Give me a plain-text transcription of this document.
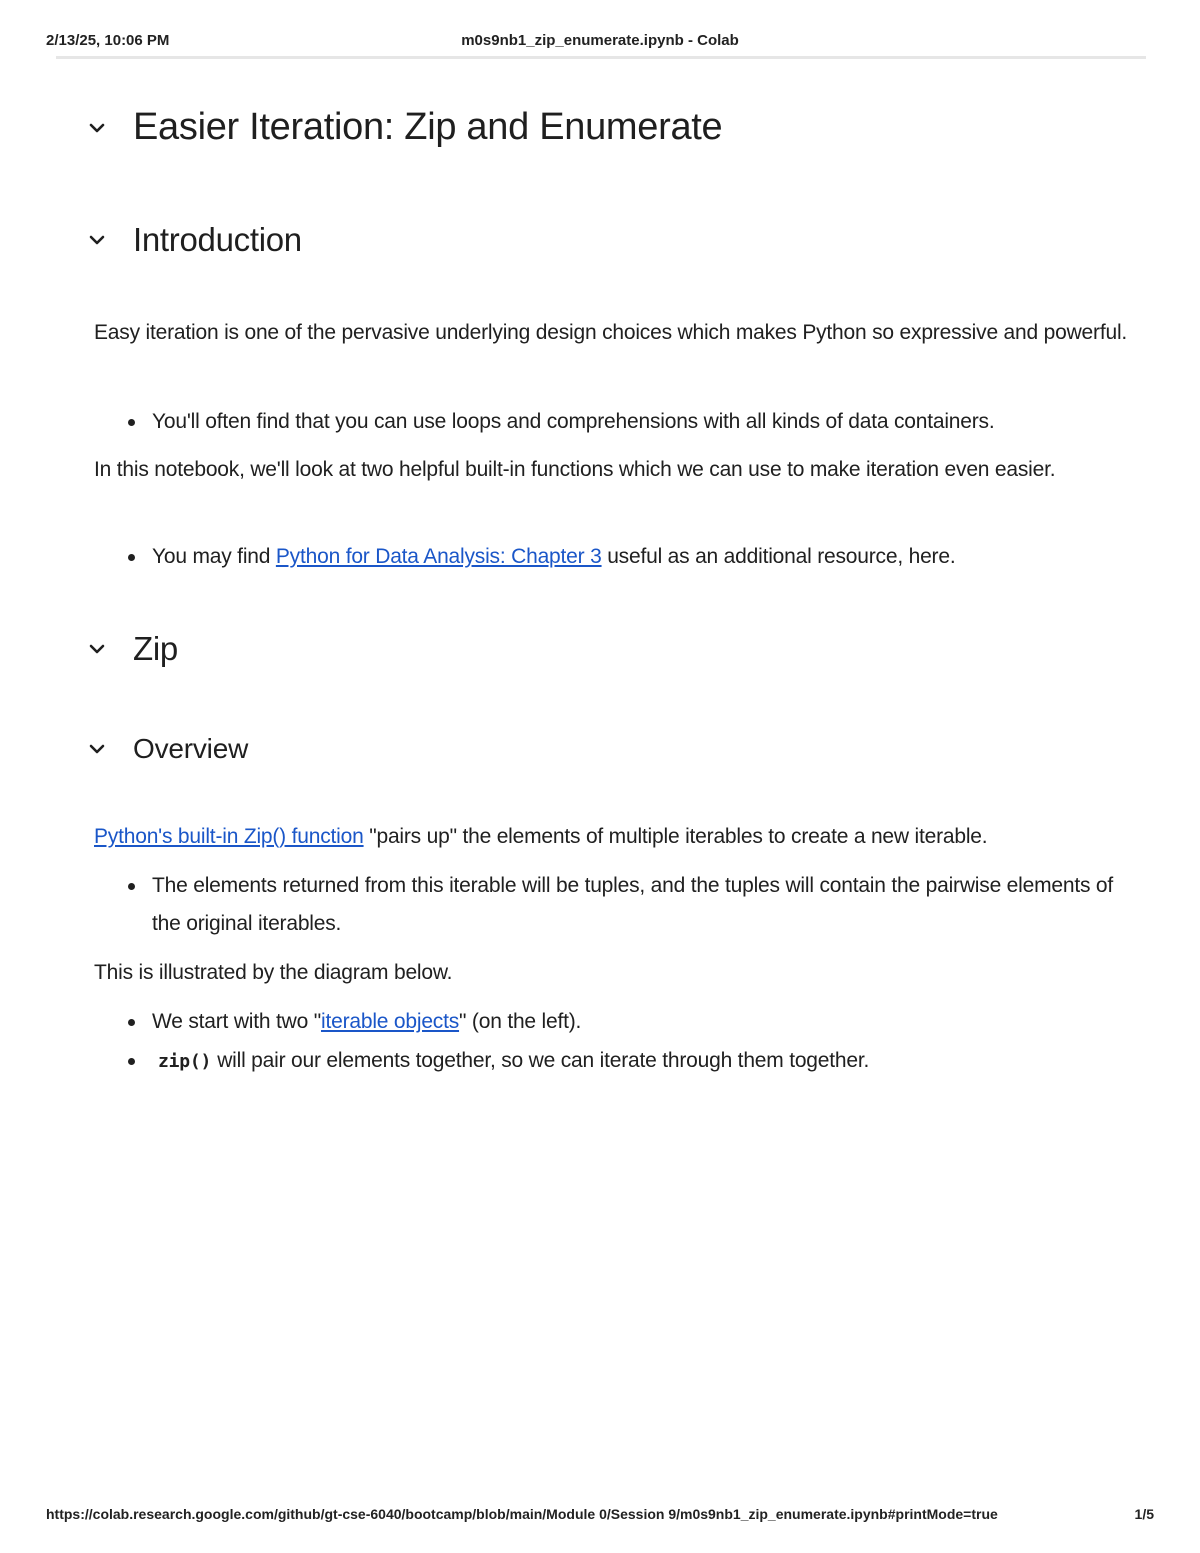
2/13/25, 10:06 PM	m0s9nb1_zip_enumerate.ipynb - Colab
Easier Iteration: Zip and Enumerate
Introduction
Easy iteration is one of the pervasive underlying design choices which makes Python so expressive and powerful.
You'll often find that you can use loops and comprehensions with all kinds of data containers.
In this notebook, we'll look at two helpful built-in functions which we can use to make iteration even easier.
You may find Python for Data Analysis: Chapter 3 useful as an additional resource, here.
Zip
Overview
Python's built-in Zip() function "pairs up" the elements of multiple iterables to create a new iterable.
The elements returned from this iterable will be tuples, and the tuples will contain the pairwise elements of the original iterables.
This is illustrated by the diagram below.
We start with two "iterable objects" (on the left).
zip() will pair our elements together, so we can iterate through them together.
https://colab.research.google.com/github/gt-cse-6040/bootcamp/blob/main/Module 0/Session 9/m0s9nb1_zip_enumerate.ipynb#printMode=true	1/5
